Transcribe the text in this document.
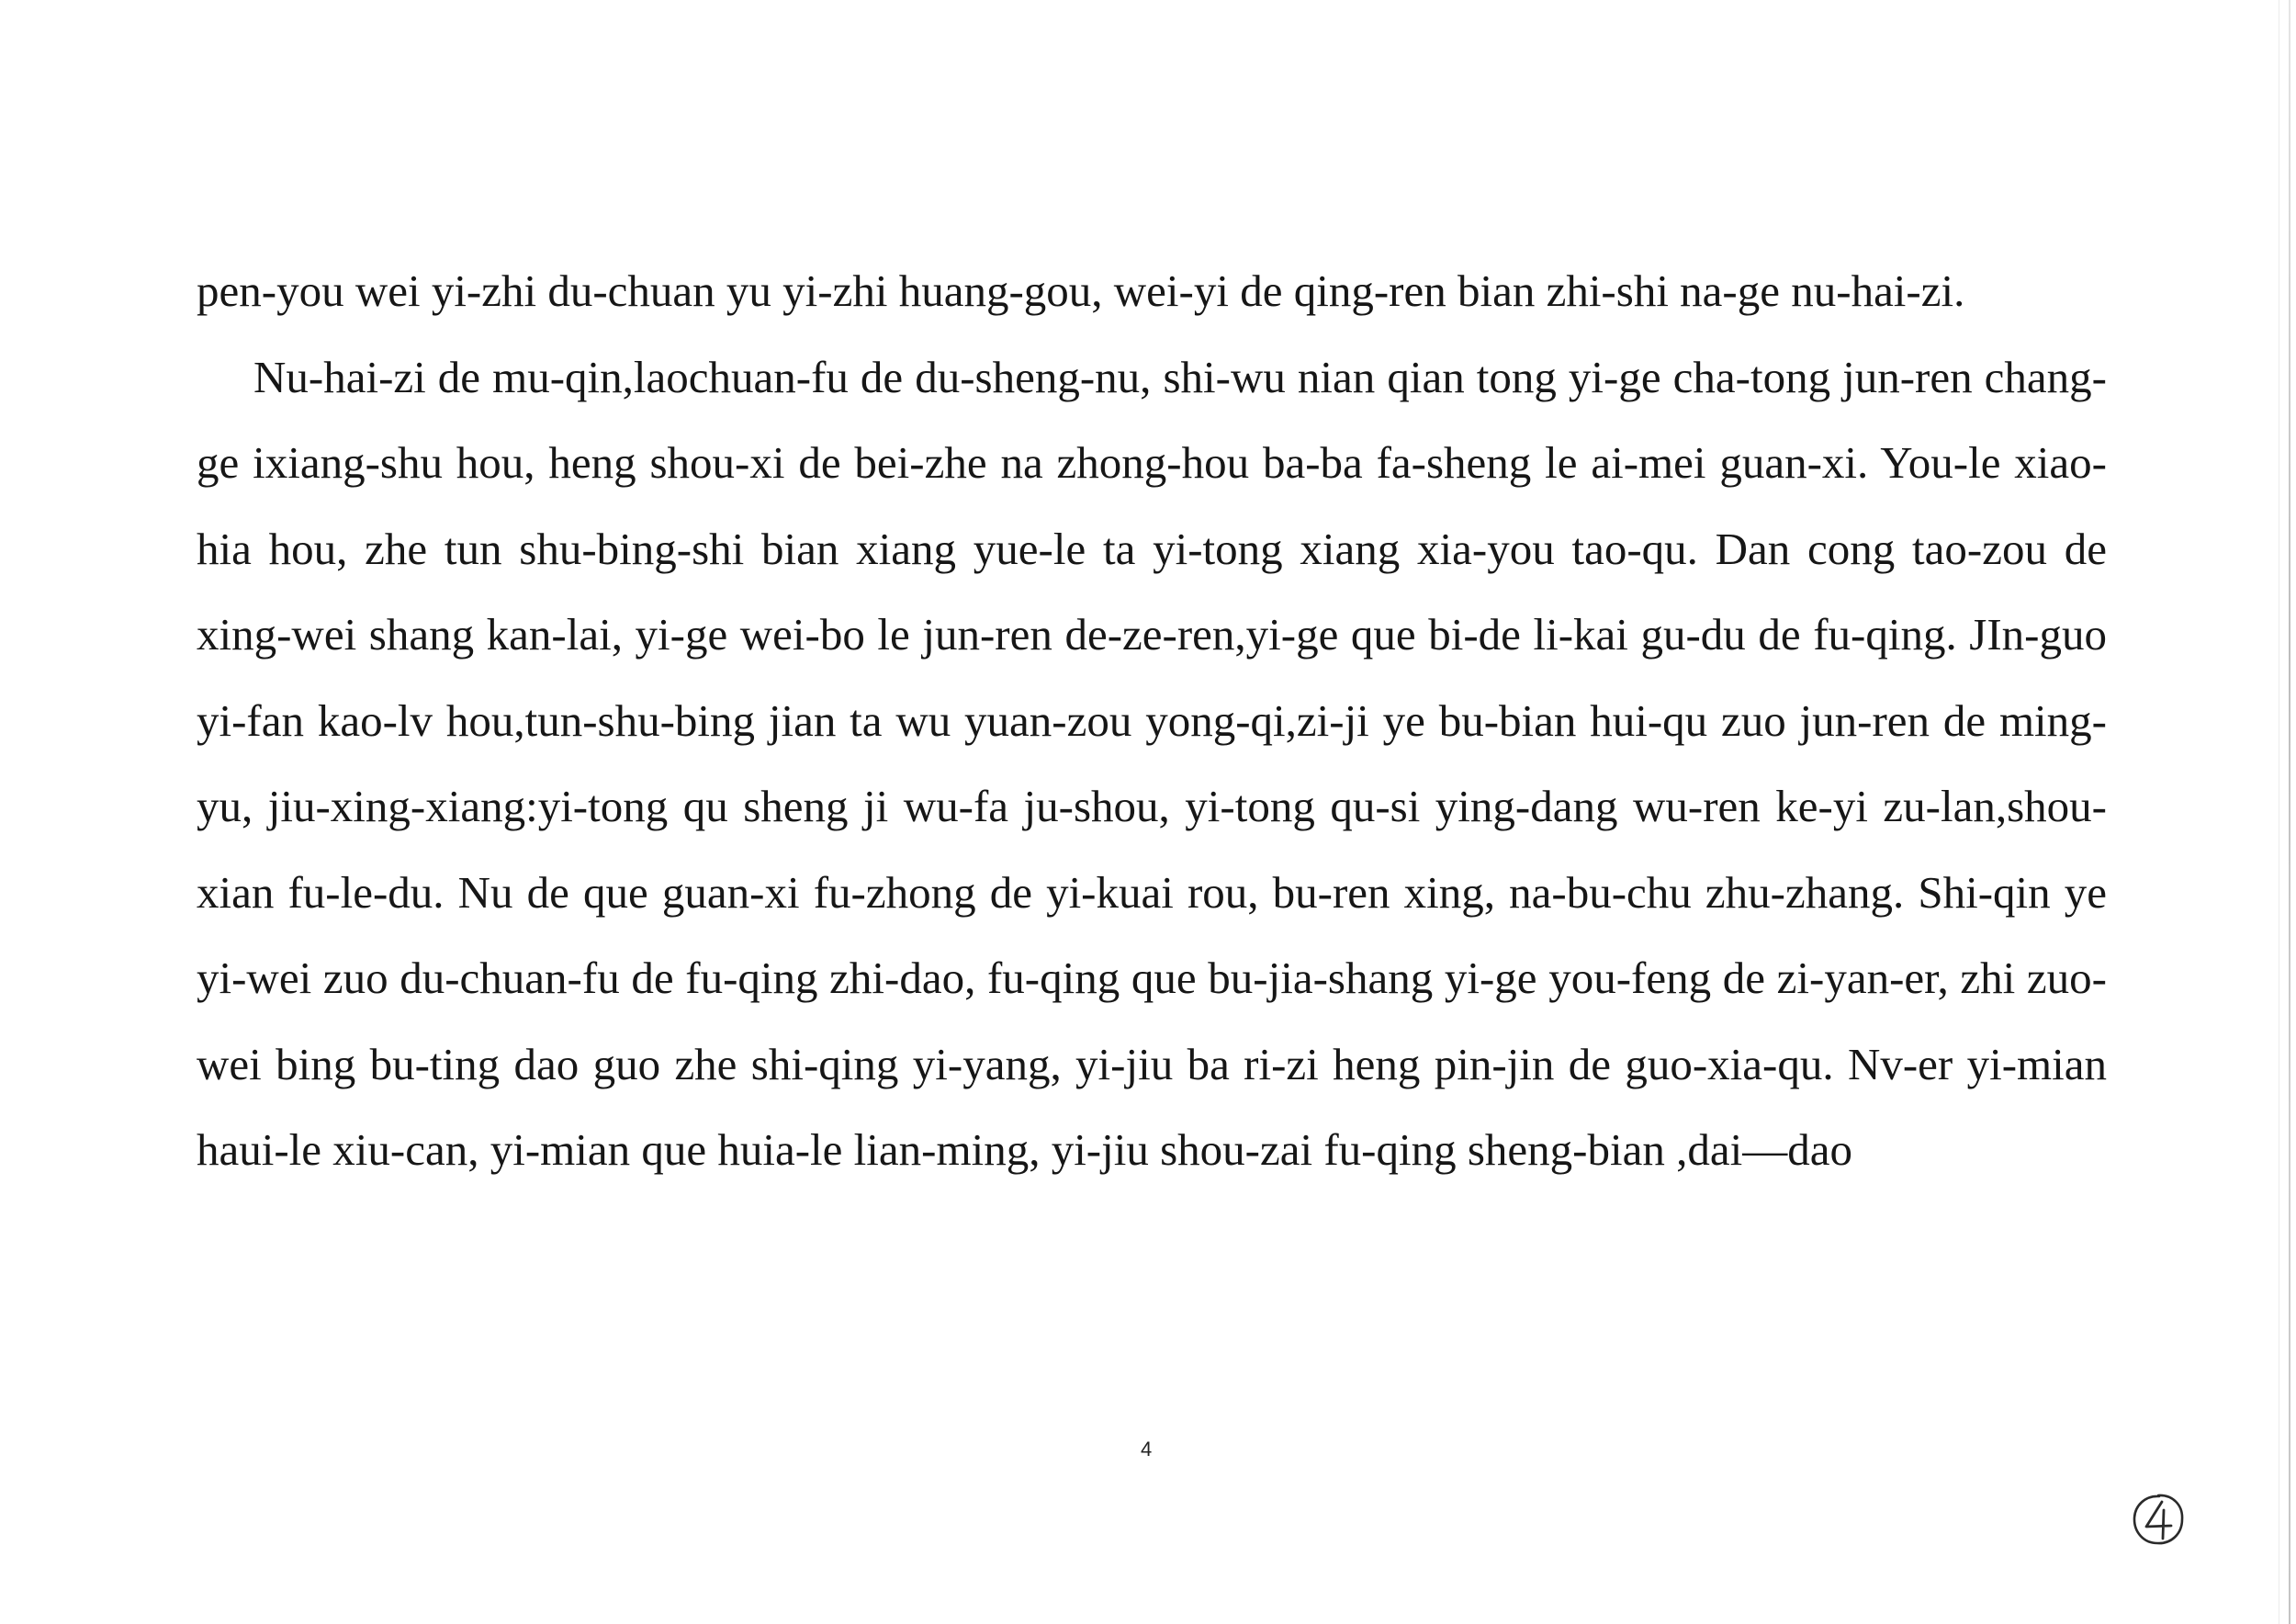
pen-you wei yi-zhi du-chuan yu yi-zhi huang-gou, wei-yi de qing-ren bian zhi-shi na-ge nu-hai-zi.

Nu-hai-zi de mu-qin,laochuan-fu de du-sheng-nu, shi-wu nian qian tong yi-ge cha-tong jun-ren chang-ge ixiang-shu hou, heng shou-xi de bei-zhe na zhong-hou ba-ba fa-sheng le ai-mei guan-xi. You-le xiao-hia hou, zhe tun shu-bing-shi bian xiang yue-le ta yi-tong xiang xia-you tao-qu. Dan cong tao-zou de xing-wei shang kan-lai, yi-ge wei-bo le jun-ren de-ze-ren,yi-ge que bi-de li-kai gu-du de fu-qing. JIn-guo yi-fan kao-lv hou,tun-shu-bing jian ta wu yuan-zou yong-qi,zi-ji ye bu-bian hui-qu zuo jun-ren de ming-yu, jiu-xing-xiang:yi-tong qu sheng ji wu-fa ju-shou, yi-tong qu-si ying-dang wu-ren ke-yi zu-lan,shou-xian fu-le-du. Nu de que guan-xi fu-zhong de yi-kuai rou, bu-ren xing, na-bu-chu zhu-zhang. Shi-qin ye yi-wei zuo du-chuan-fu de fu-qing zhi-dao, fu-qing que bu-jia-shang yi-ge you-feng de zi-yan-er, zhi zuo-wei bing bu-ting dao guo zhe shi-qing yi-yang, yi-jiu ba ri-zi heng pin-jin de guo-xia-qu. Nv-er yi-mian haui-le xiu-can, yi-mian que huia-le lian-ming, yi-jiu shou-zai fu-qing sheng-bian ,dai—dao

4
